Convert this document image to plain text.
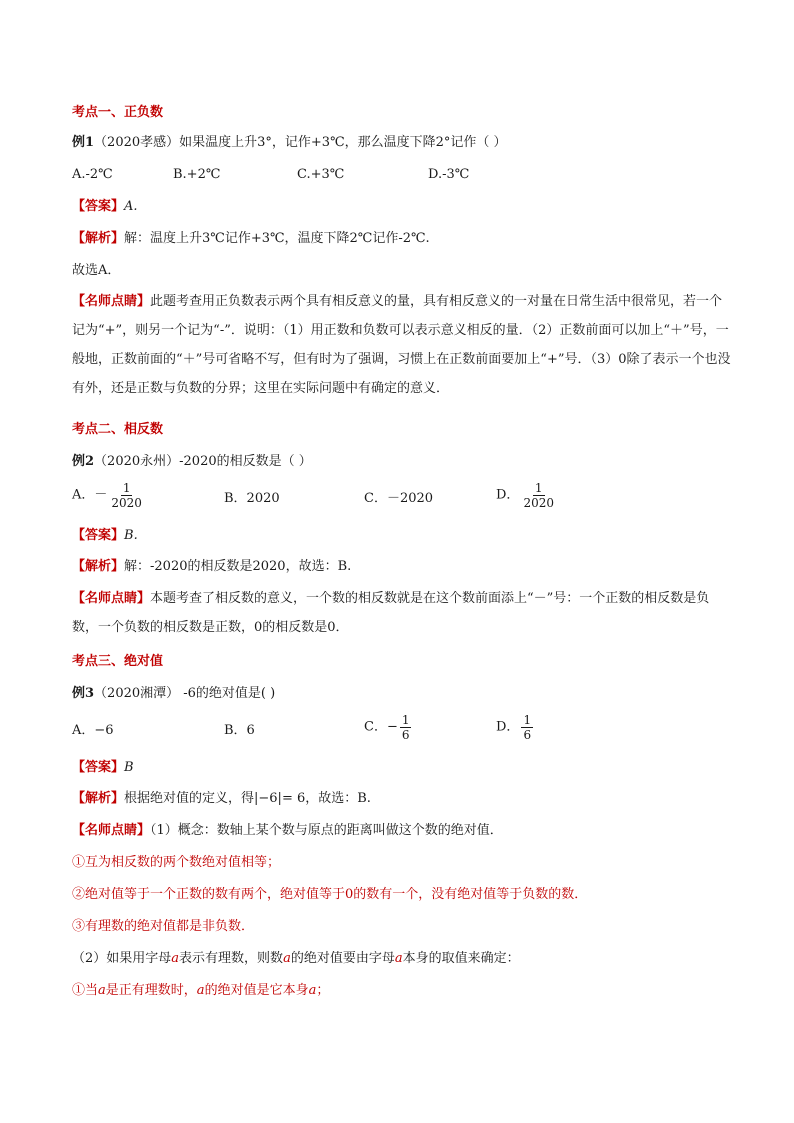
考点一、正负数
例1（2020孝感）如果温度上升3°，记作+3℃，那么温度下降2°记作（ ）
A.-2℃	B.+2℃	C.+3℃	D.-3℃
【答案】A.
【解析】解：温度上升3℃记作+3℃，温度下降2℃记作-2℃.
故选A．
【名师点睛】此题考查用正负数表示两个具有相反意义的量，具有相反意义的一对量在日常生活中很常见，若一个记为“+”，则另一个记为“-”．说明：（1）用正数和负数可以表示意义相反的量．（2）正数前面可以加上“＋”号，一般地，正数前面的“＋”号可省略不写，但有时为了强调，习惯上在正数前面要加上“+”号．（3）0除了表示一个也没有外，还是正数与负数的分界；这里在实际问题中有确定的意义．
考点二、相反数
例2（2020永州）-2020的相反数是（ ）
A．－ $\frac{1}{2020}$	B．2020	C．－2020	D． $\frac{1}{2020}$
【答案】B.
【解析】解：-2020的相反数是2020，故选：B.
【名师点睛】本题考查了相反数的意义，一个数的相反数就是在这个数前面添上“－”号：一个正数的相反数是负数，一个负数的相反数是正数，0的相反数是0．
考点三、绝对值
例3（2020湘潭） -6的绝对值是( )
A．−6	B．6	C．− $\frac{1}{6}$	D． $\frac{1}{6}$
【答案】B
【解析】根据绝对值的定义，得|−6|= 6，故选：B.
【名师点睛】（1）概念：数轴上某个数与原点的距离叫做这个数的绝对值．
①互为相反数的两个数绝对值相等；
②绝对值等于一个正数的数有两个，绝对值等于0的数有一个，没有绝对值等于负数的数．
③有理数的绝对值都是非负数．
（2）如果用字母a表示有理数，则数a的绝对值要由字母a本身的取值来确定：
①当a是正有理数时，a的绝对值是它本身a；
